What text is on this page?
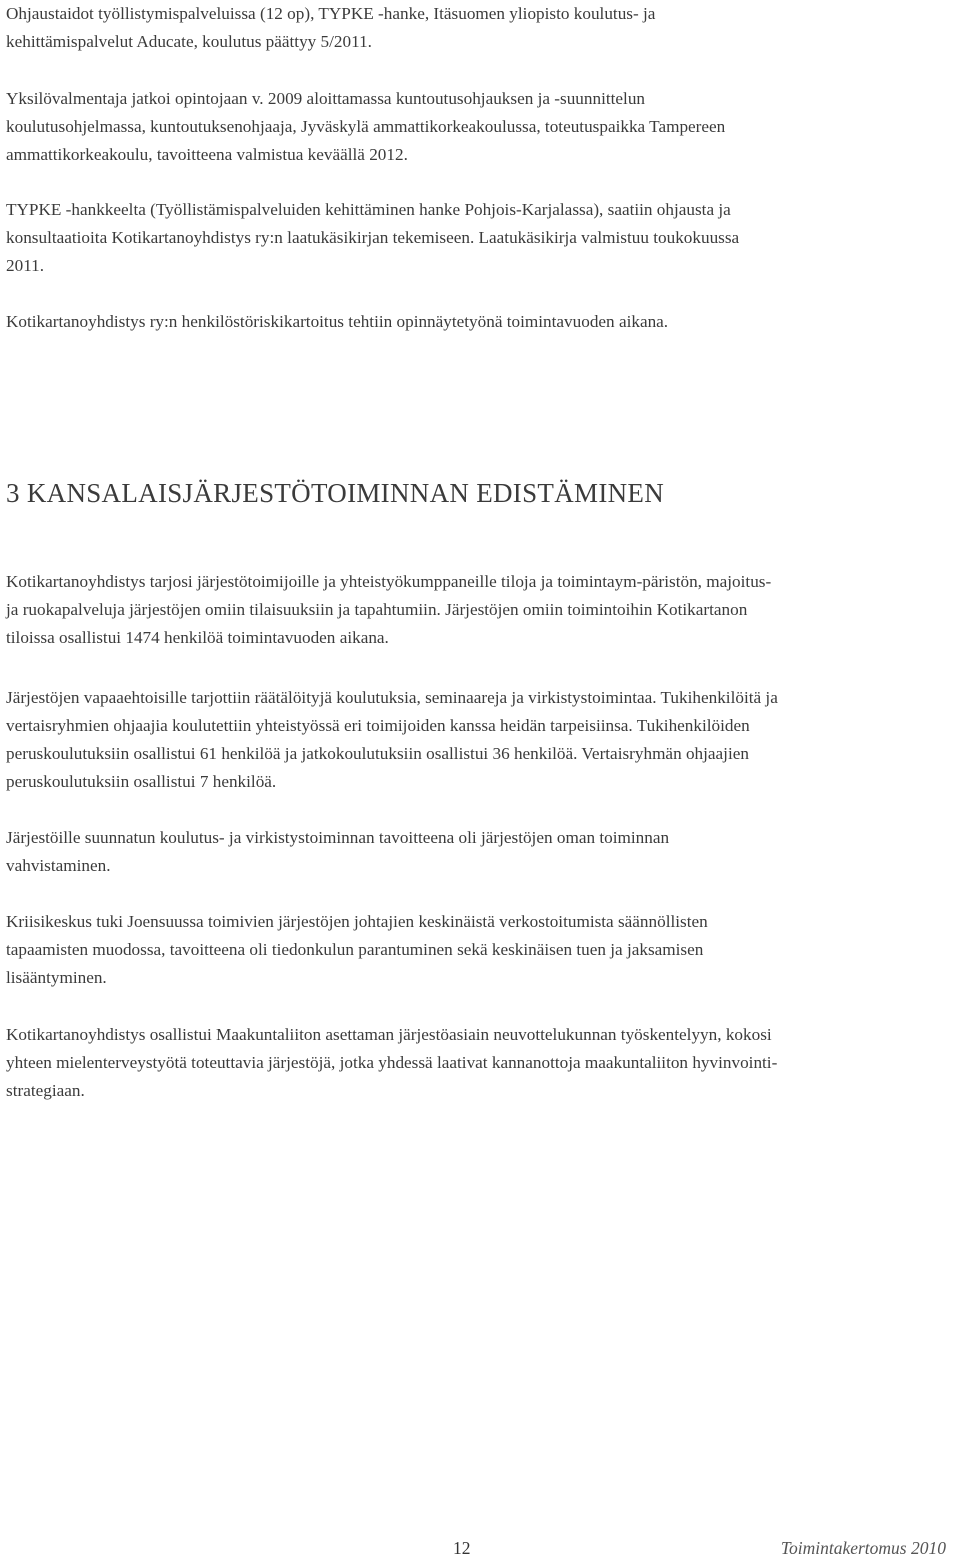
Ohjaustaidot työllistymispalveluissa (12 op), TYPKE -hanke, Itäsuomen yliopisto koulutus- ja
kehittämispalvelut Aducate, koulutus päättyy 5/2011.

Yksilövalmentaja jatkoi opintojaan v. 2009 aloittamassa kuntoutusohjauksen ja -suunnittelun
koulutusohjelmassa, kuntoutuksenohjaaja, Jyväskylä ammattikorkeakoulussa, toteutuspaikka Tampereen
ammattikorkeakoulu, tavoitteena valmistua keväällä 2012.

TYPKE -hankkeelta (Työllistämispalveluiden kehittäminen hanke Pohjois-Karjalassa), saatiin ohjausta ja
konsultaatioita Kotikartanoyhdistys ry:n laatukäsikirjan tekemiseen. Laatukäsikirja valmistuu toukokuussa
2011.

Kotikartanoyhdistys ry:n henkilöstöriskikartoitus tehtiin opinnäytetyönä toimintavuoden aikana.

3 KANSALAISJÄRJESTÖTOIMINNAN EDISTÄMINEN

Kotikartanoyhdistys tarjosi järjestötoimijoille ja yhteistyökumppaneille tiloja ja toimintaym-päristön, majoitus-
ja ruokapalveluja järjestöjen omiin tilaisuuksiin ja tapahtumiin. Järjestöjen omiin toimintoihin Kotikartanon
tiloissa osallistui 1474 henkilöä toimintavuoden aikana.

Järjestöjen vapaaehtoisille tarjottiin räätälöityjä koulutuksia, seminaareja ja virkistystoimintaa. Tukihenkilöitä ja
vertaisryhmien ohjaajia koulutettiin yhteistyössä eri toimijoiden kanssa heidän tarpeisiinsa. Tukihenkilöiden
peruskoulutuksiin osallistui 61 henkilöä ja jatkokoulutuksiin osallistui 36 henkilöä. Vertaisryhmän ohjaajien
peruskoulutuksiin osallistui 7 henkilöä.

Järjestöille suunnatun koulutus- ja virkistystoiminnan tavoitteena oli järjestöjen oman toiminnan
vahvistaminen.

Kriisikeskus tuki Joensuussa toimivien järjestöjen johtajien keskinäistä verkostoitumista säännöllisten
tapaamisten muodossa, tavoitteena oli tiedonkulun parantuminen sekä keskinäisen tuen ja jaksamisen
lisääntyminen.

Kotikartanoyhdistys osallistui Maakuntaliiton asettaman järjestöasiain neuvottelukunnan työskentelyyn, kokosi
yhteen mielenterveystyötä toteuttavia järjestöjä, jotka yhdessä laativat kannanottoja maakuntaliiton hyvinvointi-
strategiaan.

12	Toimintakertomus 2010
